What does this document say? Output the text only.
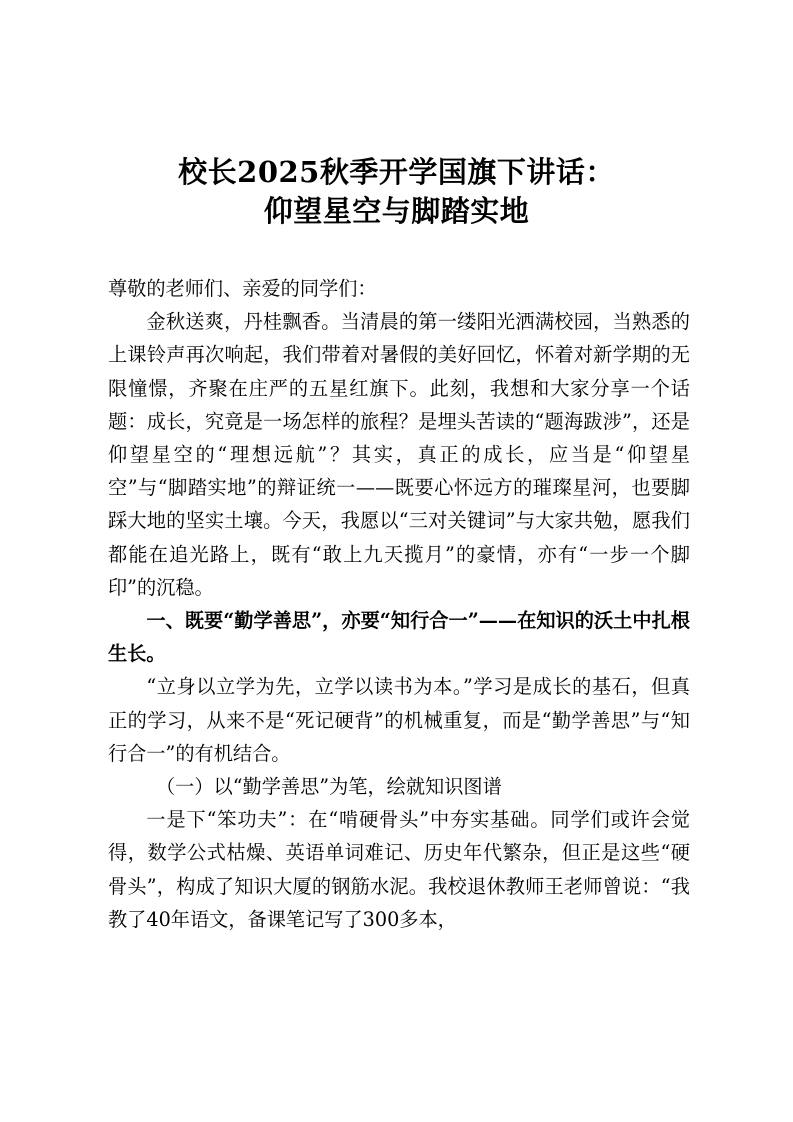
校长2025秋季开学国旗下讲话：
仰望星空与脚踏实地

尊敬的老师们、亲爱的同学们：

金秋送爽，丹桂飘香。当清晨的第一缕阳光洒满校园，当熟悉的上课铃声再次响起，我们带着对暑假的美好回忆，怀着对新学期的无限憧憬，齐聚在庄严的五星红旗下。此刻，我想和大家分享一个话题：成长，究竟是一场怎样的旅程？是埋头苦读的“题海跋涉”，还是仰望星空的“理想远航”？其实，真正的成长，应当是“仰望星空”与“脚踏实地”的辩证统一——既要心怀远方的璀璨星河，也要脚踩大地的坚实土壤。今天，我愿以“三对关键词”与大家共勉，愿我们都能在追光路上，既有“敢上九天揽月”的豪情，亦有“一步一个脚印”的沉稳。

一、既要“勤学善思”，亦要“知行合一”——在知识的沃土中扎根生长。

“立身以立学为先，立学以读书为本。”学习是成长的基石，但真正的学习，从来不是“死记硬背”的机械重复，而是“勤学善思”与“知行合一”的有机结合。

（一）以“勤学善思”为笔，绘就知识图谱

一是下“笨功夫”：在“啃硬骨头”中夯实基础。同学们或许会觉得，数学公式枯燥、英语单词难记、历史年代繁杂，但正是这些“硬骨头”，构成了知识大厦的钢筋水泥。我校退休教师王老师曾说：“我教了40年语文，备课笔记写了300多本，
